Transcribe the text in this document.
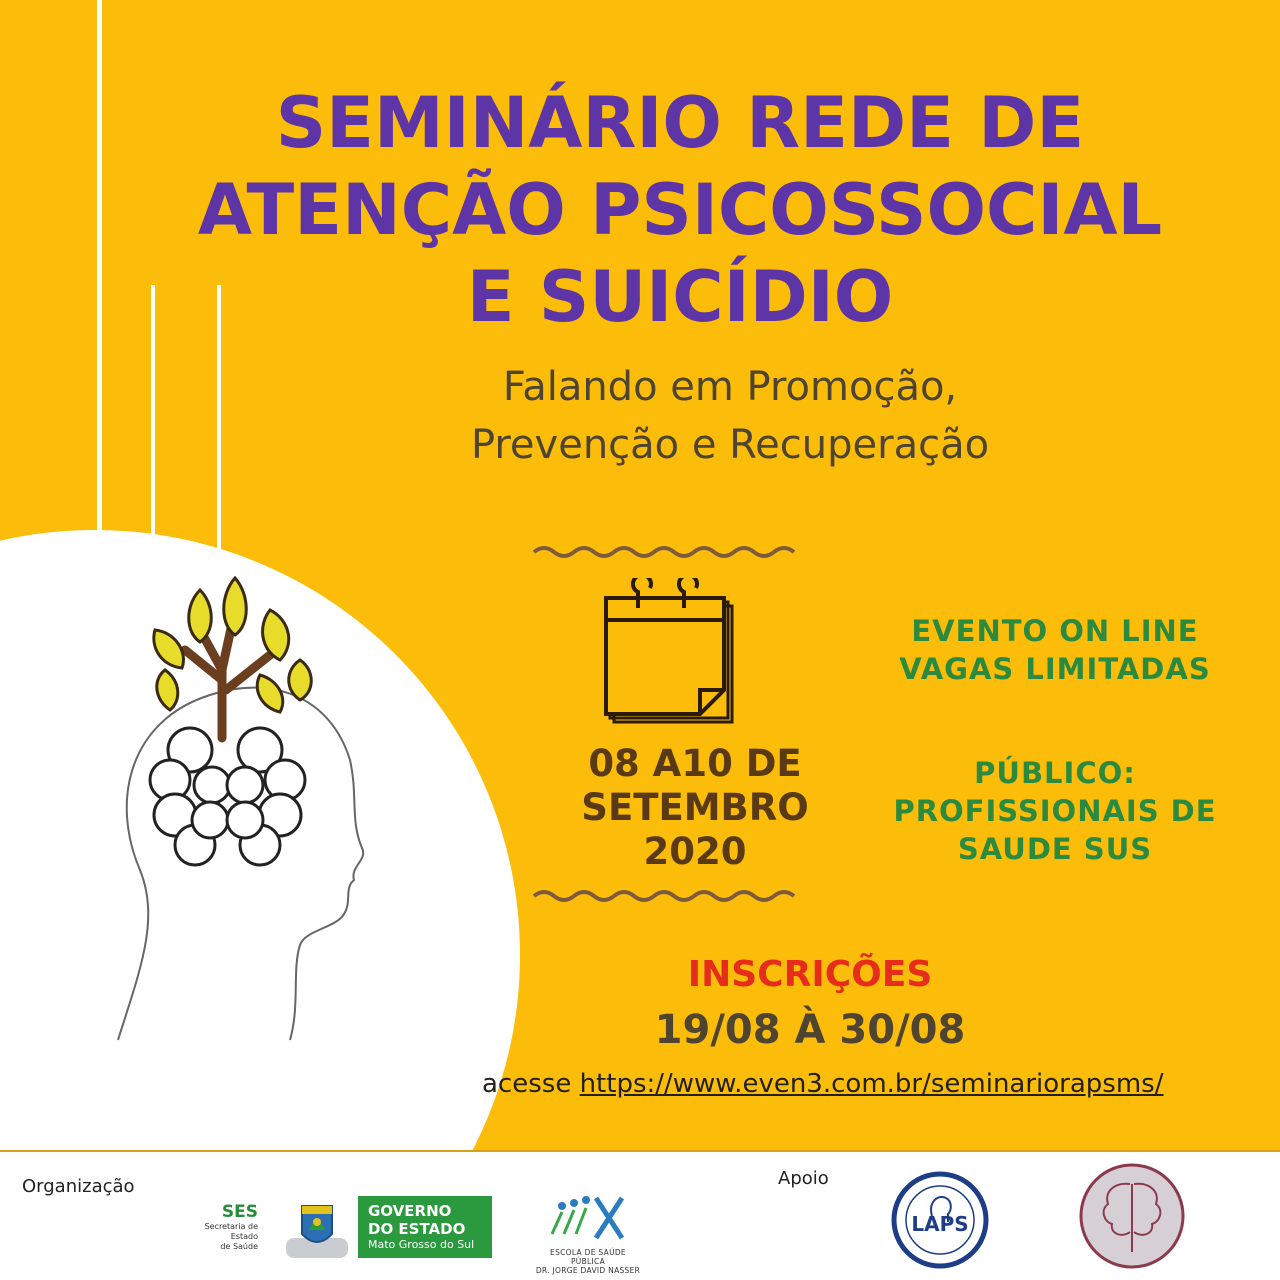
SEMINÁRIO REDE DE
ATENÇÃO PSICOSSOCIAL
E SUICÍDIO
Falando em Promoção,
Prevenção e Recuperação
08 A10 DE
SETEMBRO
2020
EVENTO ON LINE
VAGAS LIMITADAS
PÚBLICO:
PROFISSIONAIS DE
SAUDE SUS
INSCRIÇÕES
19/08 À 30/08
acesse https://www.even3.com.br/seminariorapsms/
Organização	Apoio
SES
Secretaria de Estado
de Saúde
GOVERNO
DO ESTADO
Mato Grosso do Sul
ESCOLA DE SAÚDE PÚBLICA
DR. JORGE DAVID NASSER
LAPS
